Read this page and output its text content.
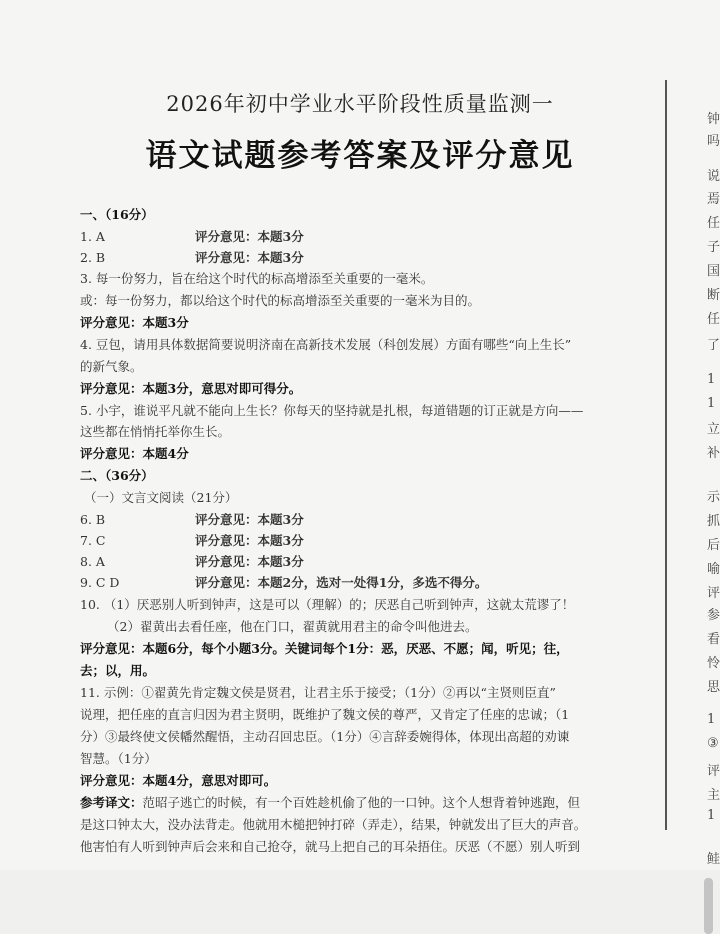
2026年初中学业水平阶段性质量监测一
语文试题参考答案及评分意见
一、（16分）
1. A	评分意见：本题3分
2. B	评分意见：本题3分
3. 每一份努力，旨在给这个时代的标高增添至关重要的一毫米。
或：每一份努力，都以给这个时代的标高增添至关重要的一毫米为目的。
评分意见：本题3分
4. 豆包，请用具体数据简要说明济南在高新技术发展（科创发展）方面有哪些“向上生长”
的新气象。
评分意见：本题3分，意思对即可得分。
5. 小宇，谁说平凡就不能向上生长？你每天的坚持就是扎根，每道错题的订正就是方向——
这些都在悄悄托举你生长。
评分意见：本题4分
二、（36分）
（一）文言文阅读（21分）
6. B	评分意见：本题3分
7. C	评分意见：本题3分
8. A	评分意见：本题3分
9. C D	评分意见：本题2分，选对一处得1分，多选不得分。
10. （1）厌恶别人听到钟声，这是可以（理解）的；厌恶自己听到钟声，这就太荒谬了！
（2）翟黄出去看任座，他在门口，翟黄就用君主的命令叫他进去。
评分意见：本题6分，每个小题3分。关键词每个1分：恶，厌恶、不愿；闻，听见；往，
去；以，用。
11. 示例：①翟黄先肯定魏文侯是贤君，让君主乐于接受；（1分）②再以“主贤则臣直”
说理，把任座的直言归因为君主贤明，既维护了魏文侯的尊严，又肯定了任座的忠诚；（1
分）③最终使文侯幡然醒悟，主动召回忠臣。（1分）④言辞委婉得体，体现出高超的劝谏
智慧。（1分）
评分意见：本题4分，意思对即可。
参考译文：范昭子逃亡的时候，有一个百姓趁机偷了他的一口钟。这个人想背着钟逃跑，但
是这口钟太大，没办法背走。他就用木槌把钟打碎（弄走），结果，钟就发出了巨大的声音。
他害怕有人听到钟声后会来和自己抢夺，就马上把自己的耳朵捂住。厌恶（不愿）别人听到
钟
吗
说
焉
任
子
国
断
任
了
1
1
立
补
示
抓
后
喻
评
参
看
怜
思
1
③
评
主
1
鲑
